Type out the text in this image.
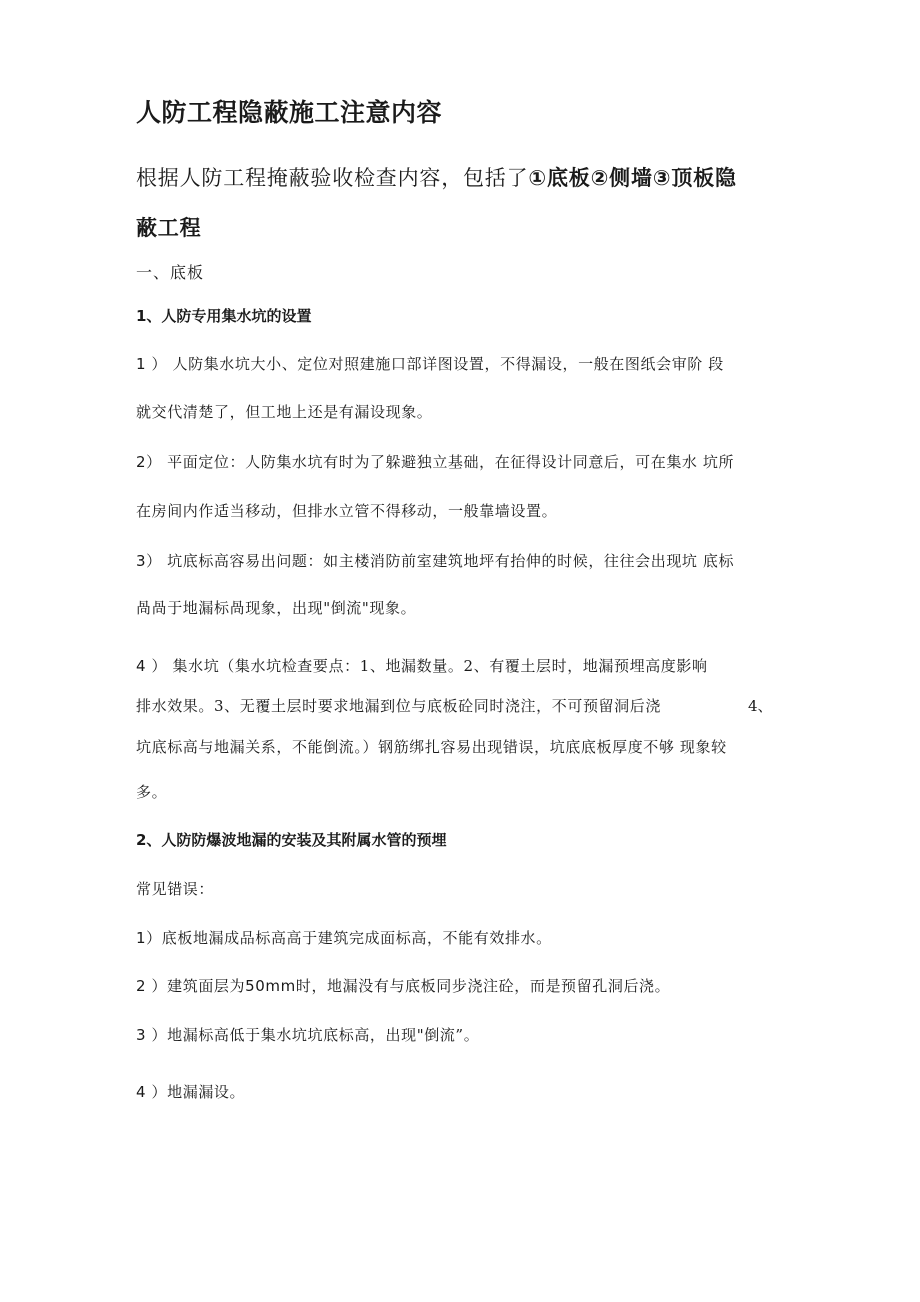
人防工程隐蔽施工注意内容
根据人防工程掩蔽验收检查内容，包括了①底板②侧墙③顶板隐
蔽工程
一、底板
1、人防专用集水坑的设置
1 ） 人防集水坑大小、定位对照建施口部详图设置，不得漏设，一般在图纸会审阶 段
就交代清楚了，但工地上还是有漏设现象。
2） 平面定位：人防集水坑有时为了躲避独立基础，在征得设计同意后，可在集水 坑所
在房间内作适当移动，但排水立管不得移动，一般靠墙设置。
3） 坑底标高容易出问题：如主楼消防前室建筑地坪有抬伸的时候，往往会出现坑 底标
咼咼于地漏标咼现象，出现"倒流"现象。
4 ） 集水坑（集水坑检查要点：1、地漏数量。2、有覆土层时，地漏预埋高度影响
排水效果。3、无覆土层时要求地漏到位与底板砼同时浇注，不可预留洞后浇	4、
坑底标高与地漏关系，不能倒流。）钢筋绑扎容易出现错误，坑底底板厚度不够 现象较
多。
2、人防防爆波地漏的安装及其附属水管的预埋
常见错误：
1）底板地漏成品标高高于建筑完成面标高，不能有效排水。
2 ）建筑面层为50mm时，地漏没有与底板同步浇注砼，而是预留孔洞后浇。
3 ）地漏标高低于集水坑坑底标高，出现"倒流”。
4 ）地漏漏设。
